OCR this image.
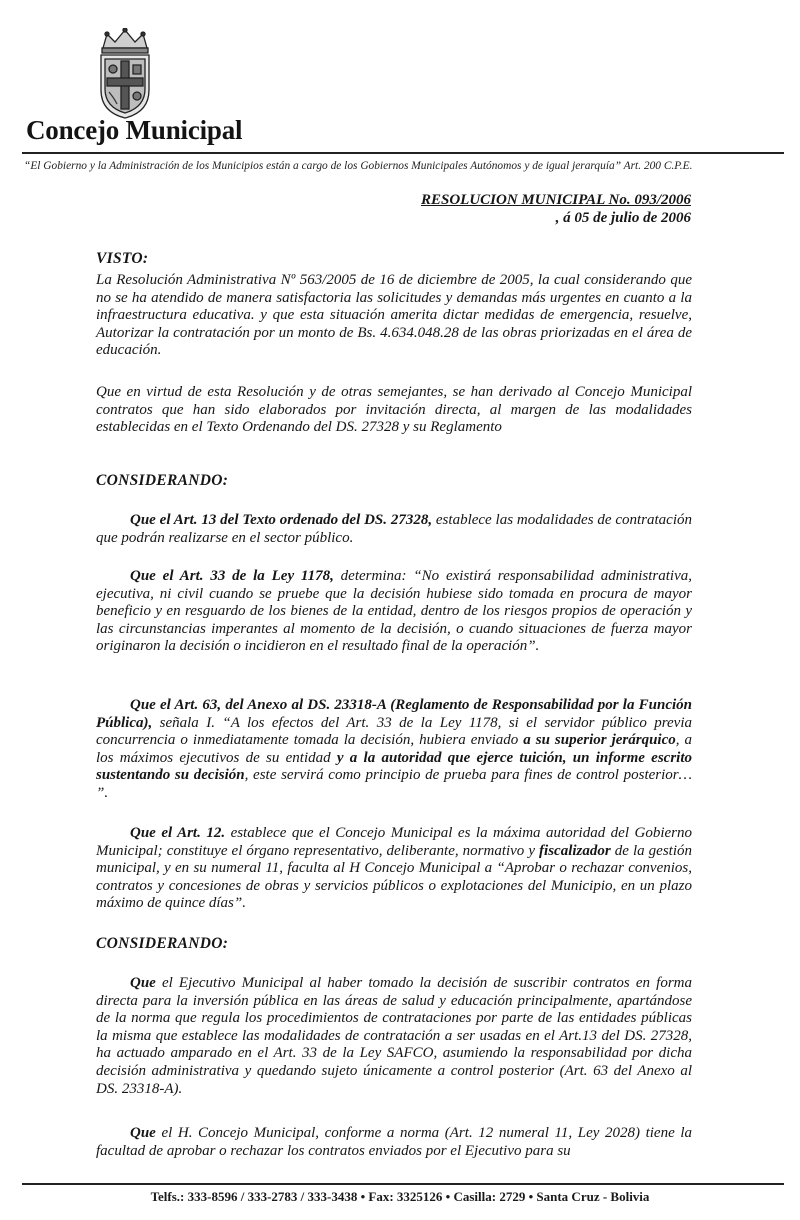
Concejo Municipal
“El Gobierno y la Administración de los Municipios están a cargo de los Gobiernos Municipales Autónomos y de igual jerarquía” Art. 200 C.P.E.
RESOLUCION MUNICIPAL No. 093/2006
, á 05 de julio de 2006
VISTO:

La Resolución Administrativa Nº 563/2005 de 16 de diciembre de 2005, la cual considerando que no se ha atendido de manera satisfactoria las solicitudes y demandas más urgentes en cuanto a la infraestructura educativa. y que esta situación amerita dictar medidas de emergencia, resuelve, Autorizar la contratación por un monto de Bs. 4.634.048.28 de las obras priorizadas en el área de educación.

Que en virtud de esta Resolución y de otras semejantes, se han derivado al Concejo Municipal contratos que han sido elaborados por invitación directa, al margen de las modalidades establecidas en el Texto Ordenando del DS. 27328 y su Reglamento

CONSIDERANDO:

Que el Art. 13 del Texto ordenado del DS. 27328, establece las modalidades de contratación que podrán realizarse en el sector público.

Que el Art. 33 de la Ley 1178, determina: “No existirá responsabilidad administrativa, ejecutiva, ni civil cuando se pruebe que la decisión hubiese sido tomada en procura de mayor beneficio y en resguardo de los bienes de la entidad, dentro de los riesgos propios de operación y las circunstancias imperantes al momento de la decisión, o cuando situaciones de fuerza mayor originaron la decisión o incidieron en el resultado final de la operación”.

Que el Art. 63, del Anexo al DS. 23318-A (Reglamento de Responsabilidad por la Función Pública), señala I. “A los efectos del Art. 33 de la Ley 1178, si el servidor público previa concurrencia o inmediatamente tomada la decisión, hubiera enviado a su superior jerárquico, a los máximos ejecutivos de su entidad y a la autoridad que ejerce tuición, un informe escrito sustentando su decisión, este servirá como principio de prueba para fines de control posterior… ”.

Que el Art. 12. establece que el Concejo Municipal es la máxima autoridad del Gobierno Municipal; constituye el órgano representativo, deliberante, normativo y fiscalizador de la gestión municipal, y en su numeral 11, faculta al H Concejo Municipal a “Aprobar o rechazar convenios, contratos y concesiones de obras y servicios públicos o explotaciones del Municipio, en un plazo máximo de quince días”.

CONSIDERANDO:

Que el Ejecutivo Municipal al haber tomado la decisión de suscribir contratos en forma directa para la inversión pública en las áreas de salud y educación principalmente, apartándose de la norma que regula los procedimientos de contrataciones por parte de las entidades públicas la misma que establece las modalidades de contratación a ser usadas en el Art.13 del DS. 27328, ha actuado amparado en el Art. 33 de la Ley SAFCO, asumiendo la responsabilidad por dicha decisión administrativa y quedando sujeto únicamente a control posterior (Art. 63 del Anexo al DS. 23318-A).

Que el H. Concejo Municipal, conforme a norma (Art. 12 numeral 11, Ley 2028) tiene la facultad de aprobar o rechazar los contratos enviados por el Ejecutivo para su

Telfs.: 333-8596 / 333-2783 / 333-3438 • Fax: 3325126 • Casilla: 2729 • Santa Cruz - Bolivia
